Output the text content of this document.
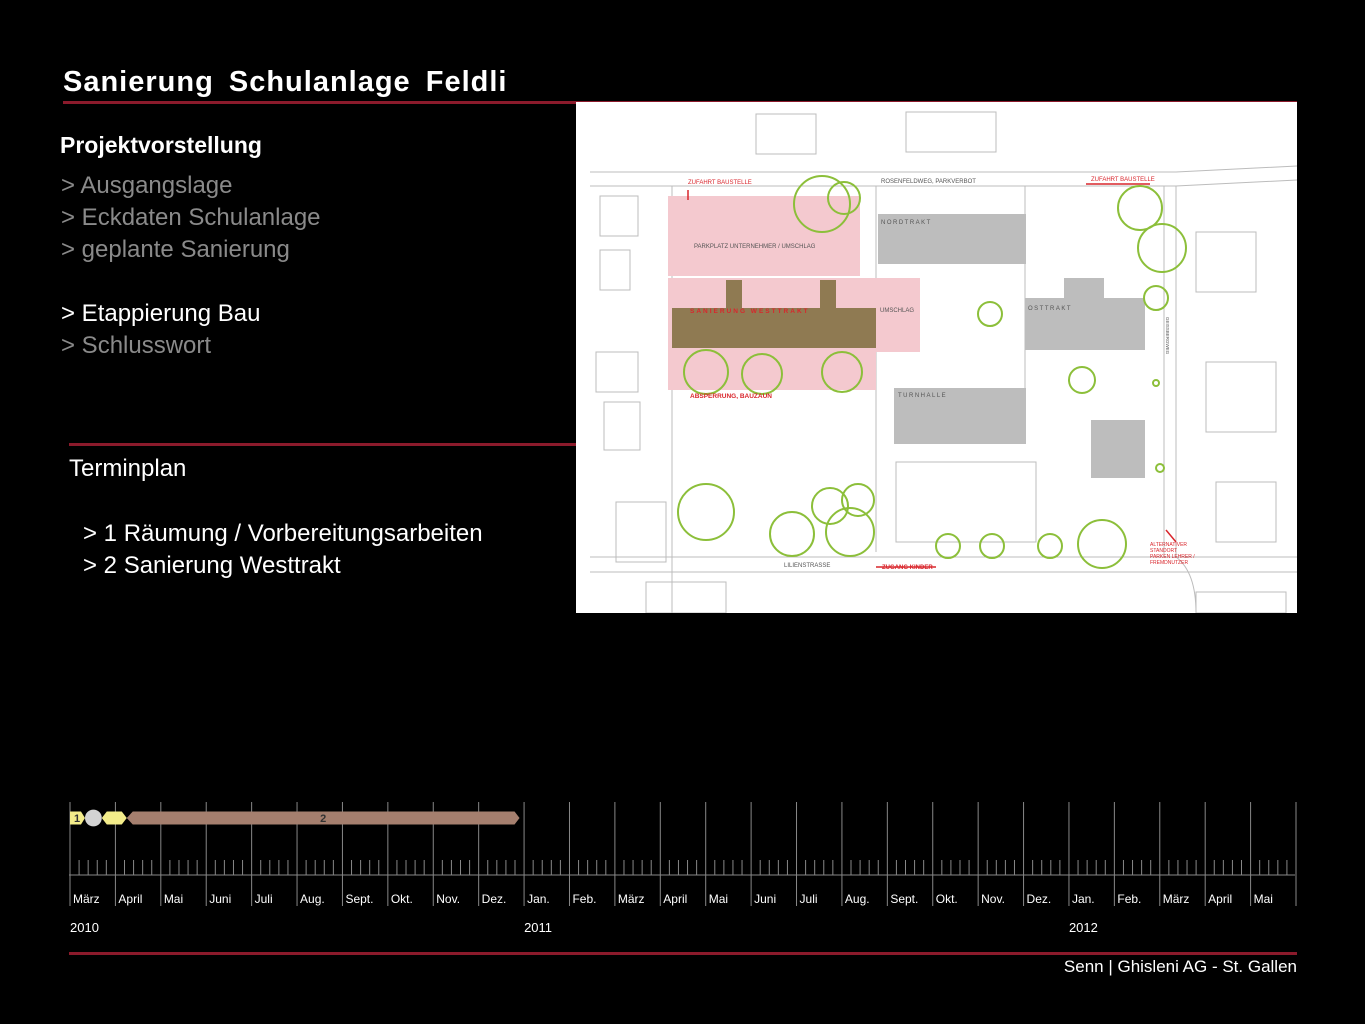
Sanierung Schulanlage Feldli
Projektvorstellung
> Ausgangslage
> Eckdaten Schulanlage
> geplante Sanierung
> Etappierung Bau
> Schlusswort
Terminplan
> 1 Räumung / Vorbereitungsarbeiten
> 2 Sanierung Westtrakt
ZUFAHRT BAUSTELLE	ZUFAHRT BAUSTELLE
ROSENFELDWEG, PARKVERBOT
PARKPLATZ UNTERNEHMER / UMSCHLAG
NORDTRAKT
SANIERUNG WESTTRAKT	UMSCHLAG	OSTTRAKT
ABSPERRUNG, BAUZAUN	TURNHALLE
LILIENSTRASSE	ZUGANG KINDER
ALTERNATIVER
STANDORT
PARKEN LEHRER /
FREMDNUTZER
GEISSBERGWEG
März April Mai Juni Juli Aug. Sept. Okt. Nov. Dez. Jan. Feb. März April Mai Juni Juli Aug. Sept. Okt. Nov. Dez. Jan. Feb. März April Mai
2010	2011	2012
1	2
Senn | Ghisleni AG - St. Gallen
